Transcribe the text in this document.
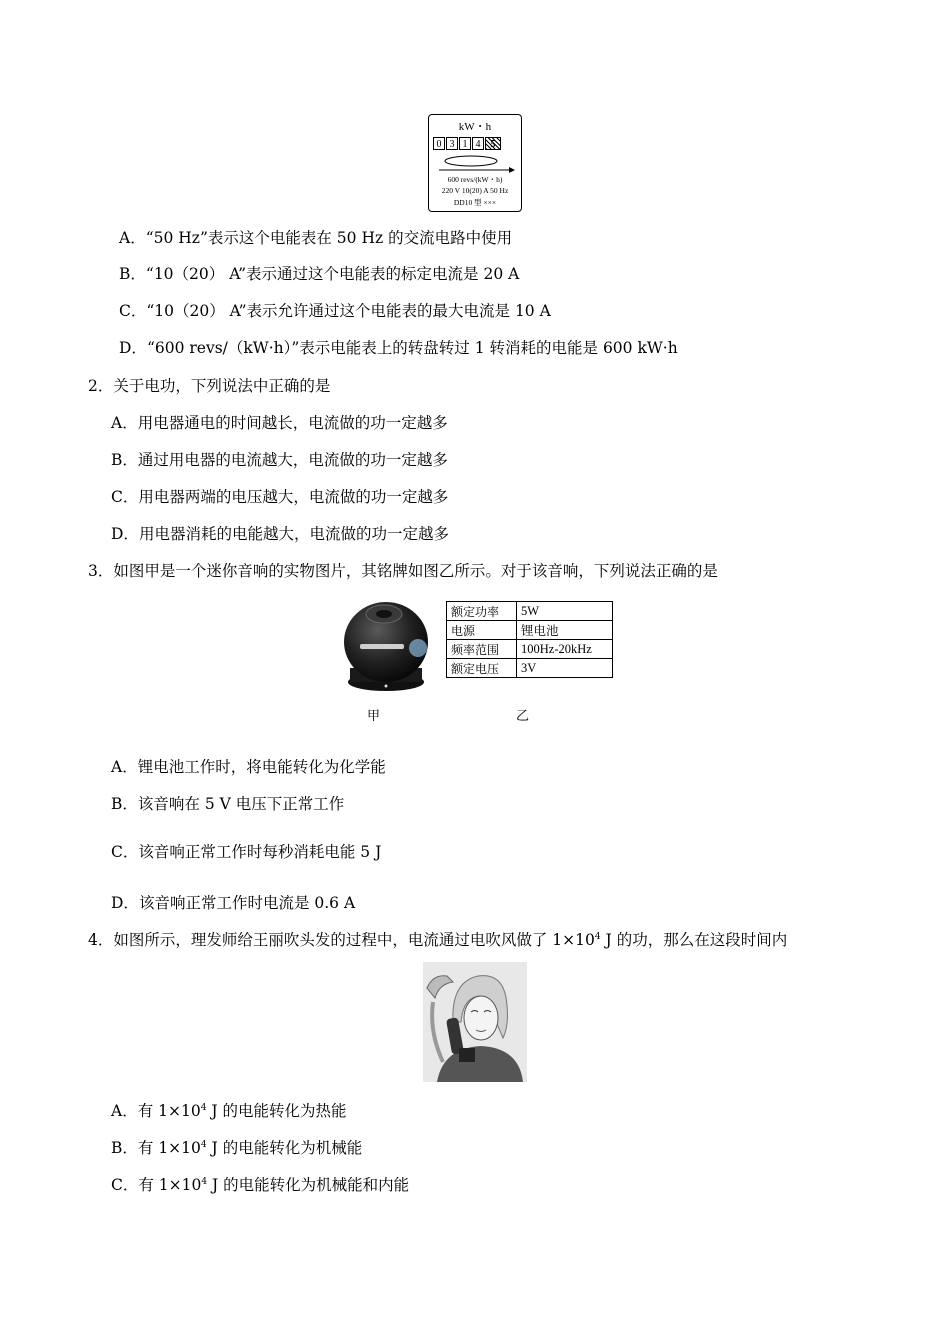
kW・h
0 3 1 4	5
600 revs/(kW・h)
220 V 10(20) A 50 Hz
DD10 型 ×××
A．“50 Hz”表示这个电能表在 50 Hz 的交流电路中使用
B．“10（20） A”表示通过这个电能表的标定电流是 20 A
C．“10（20） A”表示允许通过这个电能表的最大电流是 10 A
D．“600 revs/（kW·h）”表示电能表上的转盘转过 1 转消耗的电能是 600 kW·h
2．关于电功，下列说法中正确的是
A．用电器通电的时间越长，电流做的功一定越多
B．通过用电器的电流越大，电流做的功一定越多
C．用电器两端的电压越大，电流做的功一定越多
D．用电器消耗的电能越大，电流做的功一定越多
3．如图甲是一个迷你音响的实物图片，其铭牌如图乙所示。对于该音响，下列说法正确的是
额定功率	5W
电源	锂电池
频率范围	100Hz-20kHz
额定电压	3V
甲	乙
A．锂电池工作时，将电能转化为化学能
B．该音响在 5 V 电压下正常工作
C．该音响正常工作时每秒消耗电能 5 J
D．该音响正常工作时电流是 0.6 A
4．如图所示，理发师给王丽吹头发的过程中，电流通过电吹风做了 $1\times 10^4$ J 的功，那么在这段时间内
A．有 $1\times 10^4$ J 的电能转化为热能
B．有 $1\times 10^4$ J 的电能转化为机械能
C．有 $1\times 10^4$ J 的电能转化为机械能和内能
